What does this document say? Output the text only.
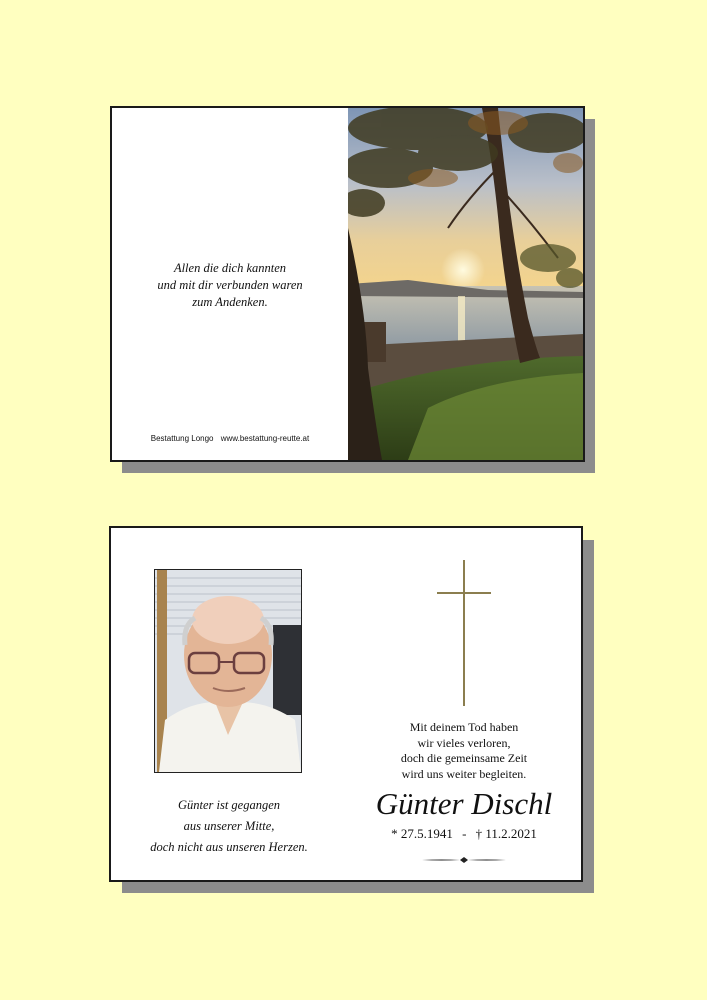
Allen die dich kannten
und mit dir verbunden waren
zum Andenken.
Bestattung Longo www.bestattung-reutte.at
Günter ist gegangen
aus unserer Mitte,
doch nicht aus unseren Herzen.
Mit deinem Tod haben
wir vieles verloren,
doch die gemeinsame Zeit
wird uns weiter begleiten.
Günter Dischl
* 27.5.1941 - † 11.2.2021
